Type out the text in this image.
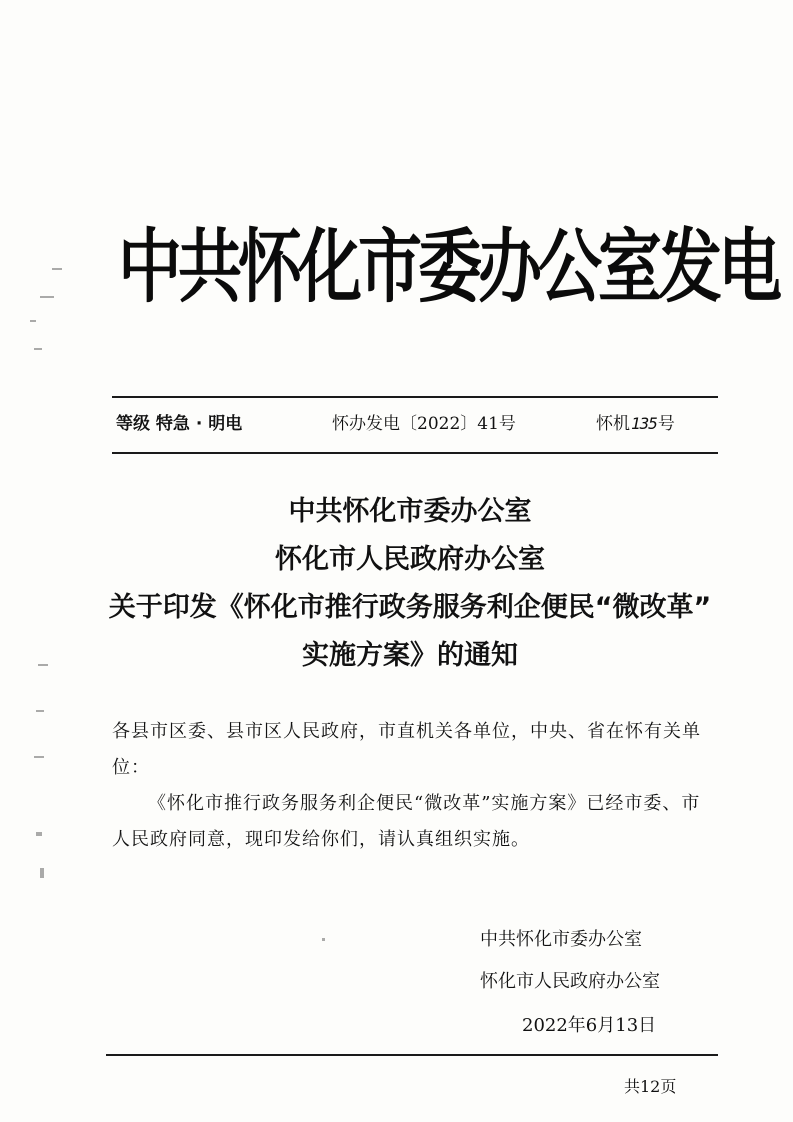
中共怀化市委办公室发电
等级 特急 · 明电	怀办发电〔2022〕41号	怀机135号
中共怀化市委办公室
怀化市人民政府办公室
关于印发《怀化市推行政务服务利企便民“微改革”
实施方案》的通知

各县市区委、县市区人民政府，市直机关各单位，中央、省在怀有关单位：

《怀化市推行政务服务利企便民“微改革”实施方案》已经市委、市人民政府同意，现印发给你们，请认真组织实施。

中共怀化市委办公室
怀化市人民政府办公室
2022年6月13日
共12页
